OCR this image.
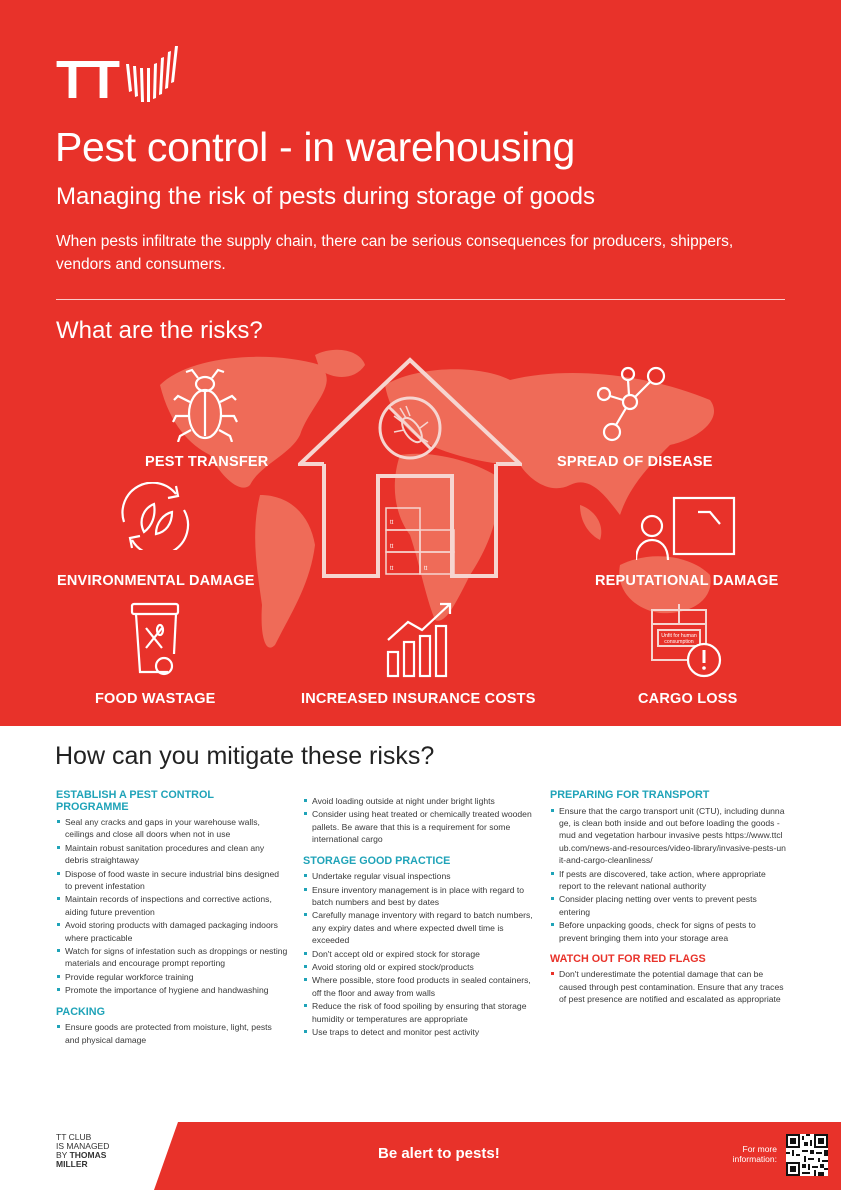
TT
Pest control - in warehousing
Managing the risk of pests during storage of goods
When pests infiltrate the supply chain, there can be serious consequences for producers, shippers, vendors and consumers.
What are the risks?
tt
tt
tt	tt
PEST TRANSFER	SPREAD OF DISEASE
ENVIRONMENTAL DAMAGE	REPUTATIONAL DAMAGE
FOOD WASTAGE	INCREASED INSURANCE COSTS
Unfit for human consumption
CARGO LOSS
How can you mitigate these risks?
ESTABLISH A PEST CONTROL PROGRAMME
Seal any cracks and gaps in your warehouse walls, ceilings and close all doors when not in use
Maintain robust sanitation procedures and clean any debris straightaway
Dispose of food waste in secure industrial bins designed to prevent infestation
Maintain records of inspections and corrective actions, aiding future prevention
Avoid storing products with damaged packaging indoors where practicable
Watch for signs of infestation such as droppings or nesting materials and encourage prompt reporting
Provide regular workforce training
Promote the importance of hygiene and handwashing
PACKING
Ensure goods are protected from moisture, light, pests and physical damage
Avoid loading outside at night under bright lights
Consider using heat treated or chemically treated wooden pallets. Be aware that this is a requirement for some international cargo
STORAGE GOOD PRACTICE
Undertake regular visual inspections
Ensure inventory management is in place with regard to batch numbers and best by dates
Carefully manage inventory with regard to batch numbers, any expiry dates and where expected dwell time is exceeded
Don't accept old or expired stock for storage
Avoid storing old or expired stock/products
Where possible, store food products in sealed containers, off the floor and away from walls
Reduce the risk of food spoiling by ensuring that storage humidity or temperatures are appropriate
Use traps to detect and monitor pest activity
PREPARING FOR TRANSPORT
Ensure that the cargo transport unit (CTU), including dunnage, is clean both inside and out before loading the goods - mud and vegetation harbour invasive pests https://www.ttclub.com/news-and-resources/video-library/invasive-pests-unit-and-cargo-cleanliness/
If pests are discovered, take action, where appropriate report to the relevant national authority
Consider placing netting over vents to prevent pests entering
Before unpacking goods, check for signs of pests to prevent bringing them into your storage area
WATCH OUT FOR RED FLAGS
Don't underestimate the potential damage that can be caused through pest contamination. Ensure that any traces of pest presence are notified and escalated as appropriate
TT CLUB
IS MANAGED
BY THOMAS
MILLER
Be alert to pests!	For more
information:
